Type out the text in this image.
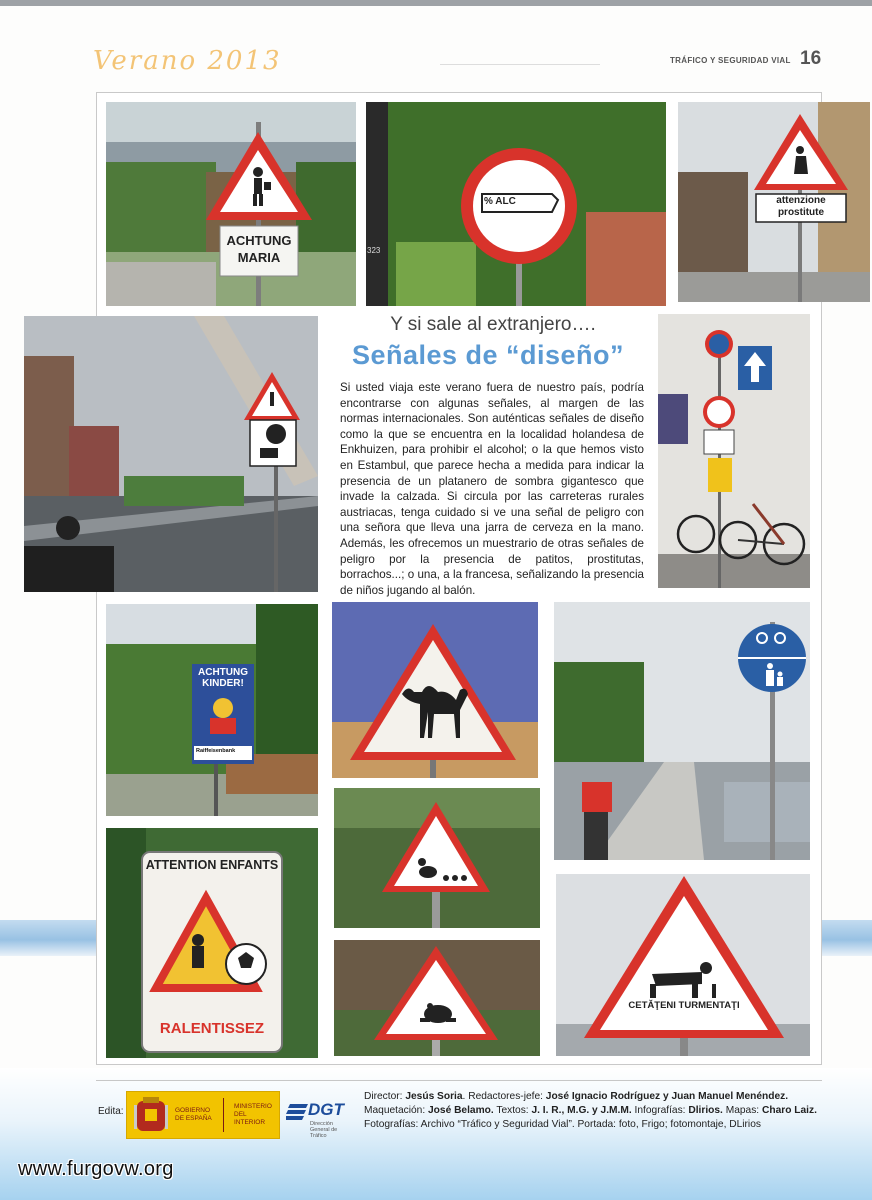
Verano 2013	TRÁFICO Y SEGURIDAD VIAL 16
ACHTUNG
MARIA
% ALC
323
attenzione
prostitute
Y si sale al extranjero….
Señales de “diseño”
Si usted viaja este verano fuera de nuestro país, podría encontrarse con algunas señales, al margen de las normas internacionales. Son auténticas señales de diseño como la que se encuentra en la localidad holandesa de Enkhuizen, para prohibir el alcohol; o la que hemos visto en Estambul, que parece hecha a medida para indicar la presencia de un platanero de sombra gigantesco que invade la calzada. Si circula por las carreteras rurales austriacas, tenga cuidado si ve una señal de peligro con una señora que lleva una jarra de cerveza en la mano. Además, les ofrecemos un muestrario de otras señales de peligro por la presencia de patitos, prostitutas, borrachos...; o una, a la francesa, señalizando la presencia de niños jugando al balón.
ACHTUNG
KINDER!
Raiffeisenbank
ATTENTION ENFANTS
RALENTISSEZ
CETĂŢENI TURMENTAŢI
Edita:	GOBIERNO DE ESPAÑA
MINISTERIO DEL INTERIOR
DGT
Dirección General de Tráfico
Director: Jesús Soria. Redactores-jefe: José Ignacio Rodríguez y Juan Manuel Menéndez. Maquetación: José Belamo. Textos: J. I. R., M.G. y J.M.M. Infografías: Dlirios. Mapas: Charo Laiz. Fotografías: Archivo “Tráfico y Seguridad Vial”. Portada: foto, Frigo; fotomontaje, DLirios
www.furgovw.org
